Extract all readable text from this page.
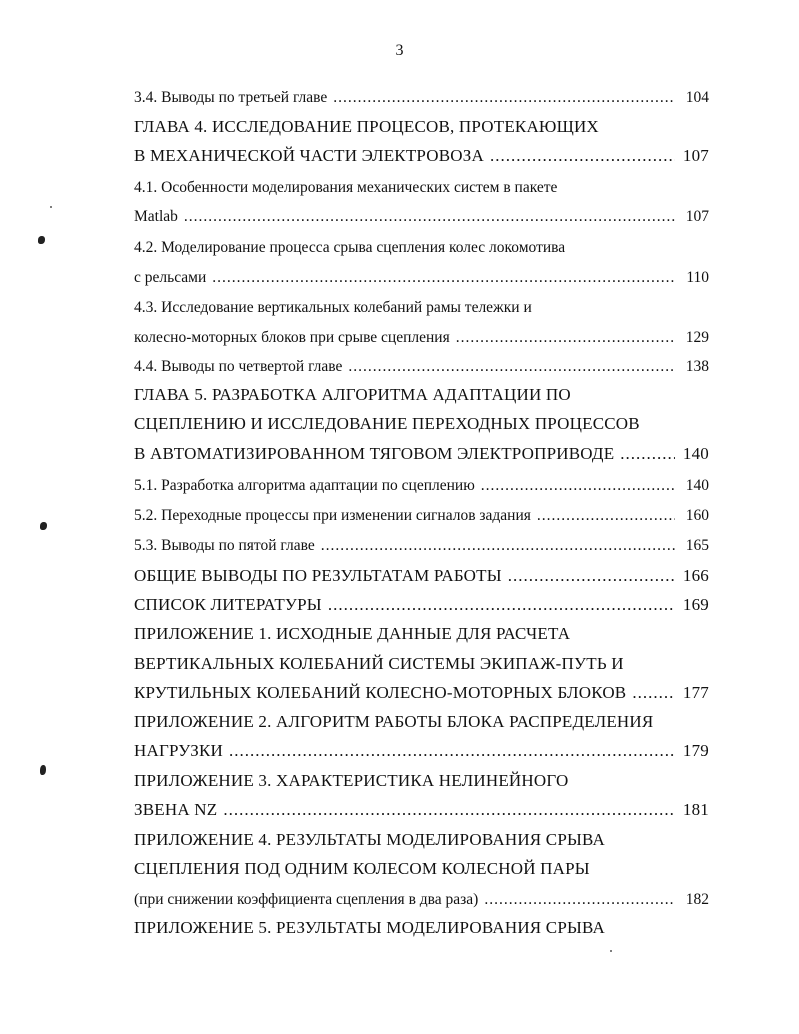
3
3.4. Выводы по третьей главе .....	104
ГЛАВА 4. ИССЛЕДОВАНИЕ ПРОЦЕСОВ, ПРОТЕКАЮЩИХ
В МЕХАНИЧЕСКОЙ ЧАСТИ ЭЛЕКТРОВОЗА .....	107
4.1. Особенности моделирования механических систем в пакете
Matlab .....	107
4.2. Моделирование процесса срыва сцепления колес локомотива
с рельсами .....	110
4.3. Исследование вертикальных колебаний рамы тележки и
колесно-моторных блоков при срыве сцепления .....	129
4.4. Выводы по четвертой главе .....	138
ГЛАВА 5. РАЗРАБОТКА АЛГОРИТМА АДАПТАЦИИ ПО
СЦЕПЛЕНИЮ И ИССЛЕДОВАНИЕ ПЕРЕХОДНЫХ ПРОЦЕССОВ
В АВТОМАТИЗИРОВАННОМ ТЯГОВОМ ЭЛЕКТРОПРИВОДЕ .....	140
5.1. Разработка алгоритма адаптации по сцеплению .....	140
5.2. Переходные процессы при изменении сигналов задания .....	160
5.3. Выводы по пятой главе .....	165
ОБЩИЕ ВЫВОДЫ ПО РЕЗУЛЬТАТАМ РАБОТЫ .....	166
СПИСОК ЛИТЕРАТУРЫ .....	169
ПРИЛОЖЕНИЕ 1. ИСХОДНЫЕ ДАННЫЕ ДЛЯ РАСЧЕТА
ВЕРТИКАЛЬНЫХ КОЛЕБАНИЙ СИСТЕМЫ ЭКИПАЖ-ПУТЬ И
КРУТИЛЬНЫХ КОЛЕБАНИЙ КОЛЕСНО-МОТОРНЫХ БЛОКОВ .....	177
ПРИЛОЖЕНИЕ 2. АЛГОРИТМ РАБОТЫ БЛОКА РАСПРЕДЕЛЕНИЯ
НАГРУЗКИ .....	179
ПРИЛОЖЕНИЕ 3. ХАРАКТЕРИСТИКА НЕЛИНЕЙНОГО
ЗВЕНА NZ .....	181
ПРИЛОЖЕНИЕ 4. РЕЗУЛЬТАТЫ МОДЕЛИРОВАНИЯ СРЫВА
СЦЕПЛЕНИЯ ПОД ОДНИМ КОЛЕСОМ КОЛЕСНОЙ ПАРЫ
(при снижении коэффициента сцепления в два раза) .....	182
ПРИЛОЖЕНИЕ 5. РЕЗУЛЬТАТЫ МОДЕЛИРОВАНИЯ СРЫВА
